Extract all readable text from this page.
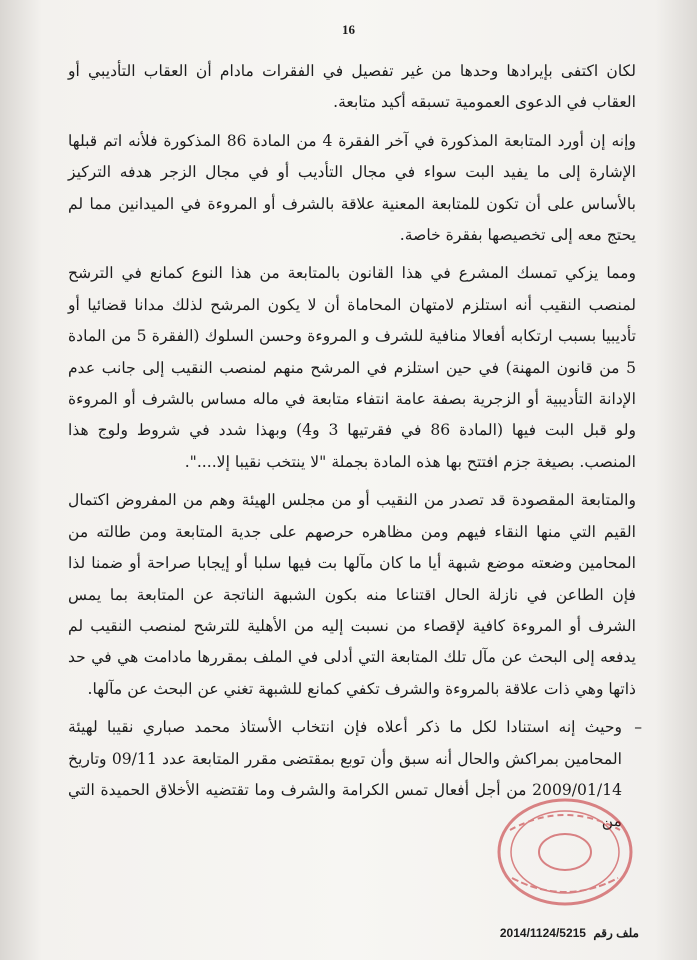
16

لكان اكتفى بإيرادها وحدها من غير تفصيل في الفقرات مادام أن العقاب التأديبي أو العقاب في الدعوى العمومية تسبقه أكيد متابعة.

وإنه إن أورد المتابعة المذكورة في آخر الفقرة 4 من المادة 86 المذكورة فلأنه اتم قبلها الإشارة إلى ما يفيد البت سواء في مجال التأديب أو في مجال الزجر هدفه التركيز بالأساس على أن تكون للمتابعة المعنية علاقة بالشرف أو المروءة في الميدانين مما لم يحتج معه إلى تخصيصها بفقرة خاصة.

ومما يزكي تمسك المشرع في هذا القانون بالمتابعة من هذا النوع كمانع في الترشح لمنصب النقيب أنه استلزم لامتهان المحاماة أن لا يكون المرشح لذلك مدانا قضائيا أو تأديبيا بسبب ارتكابه أفعالا منافية للشرف و المروءة وحسن السلوك (الفقرة 5 من المادة 5 من قانون المهنة) في حين استلزم في المرشح منهم لمنصب النقيب إلى جانب عدم الإدانة التأديبية أو الزجرية بصفة عامة انتفاء متابعة في ماله مساس بالشرف أو المروءة ولو قبل البت فيها (المادة 86 في فقرتيها 3 و4) وبهذا شدد في شروط ولوج هذا المنصب. بصيغة جزم افتتح بها هذه المادة بجملة "لا ينتخب نقيبا إلا....".

والمتابعة المقصودة قد تصدر من النقيب أو من مجلس الهيئة وهم من المفروض اكتمال القيم التي منها النقاء فيهم ومن مظاهره حرصهم على جدية المتابعة ومن طالته من المحامين وضعته موضع شبهة أيا ما كان مآلها بت فيها سلبا أو إيجابا صراحة أو ضمنا لذا فإن الطاعن في نازلة الحال اقتناعا منه بكون الشبهة الناتجة عن المتابعة بما يمس الشرف أو المروءة كافية لإقصاء من نسبت إليه من الأهلية للترشح لمنصب النقيب لم يدفعه إلى البحث عن مآل تلك المتابعة التي أدلى في الملف بمقررها مادامت هي في حد ذاتها وهي ذات علاقة بالمروءة والشرف تكفي كمانع للشبهة تغني عن البحث عن مآلها.

– وحيث إنه استنادا لكل ما ذكر أعلاه فإن انتخاب الأستاذ محمد صباري نقيبا لهيئة المحامين بمراكش والحال أنه سبق وأن توبع بمقتضى مقرر المتابعة عدد 09/11 وتاريخ 2009/01/14 من أجل أفعال تمس الكرامة والشرف وما تقتضيه الأخلاق الحميدة التي من

ملف رقم 2014/1124/5215
